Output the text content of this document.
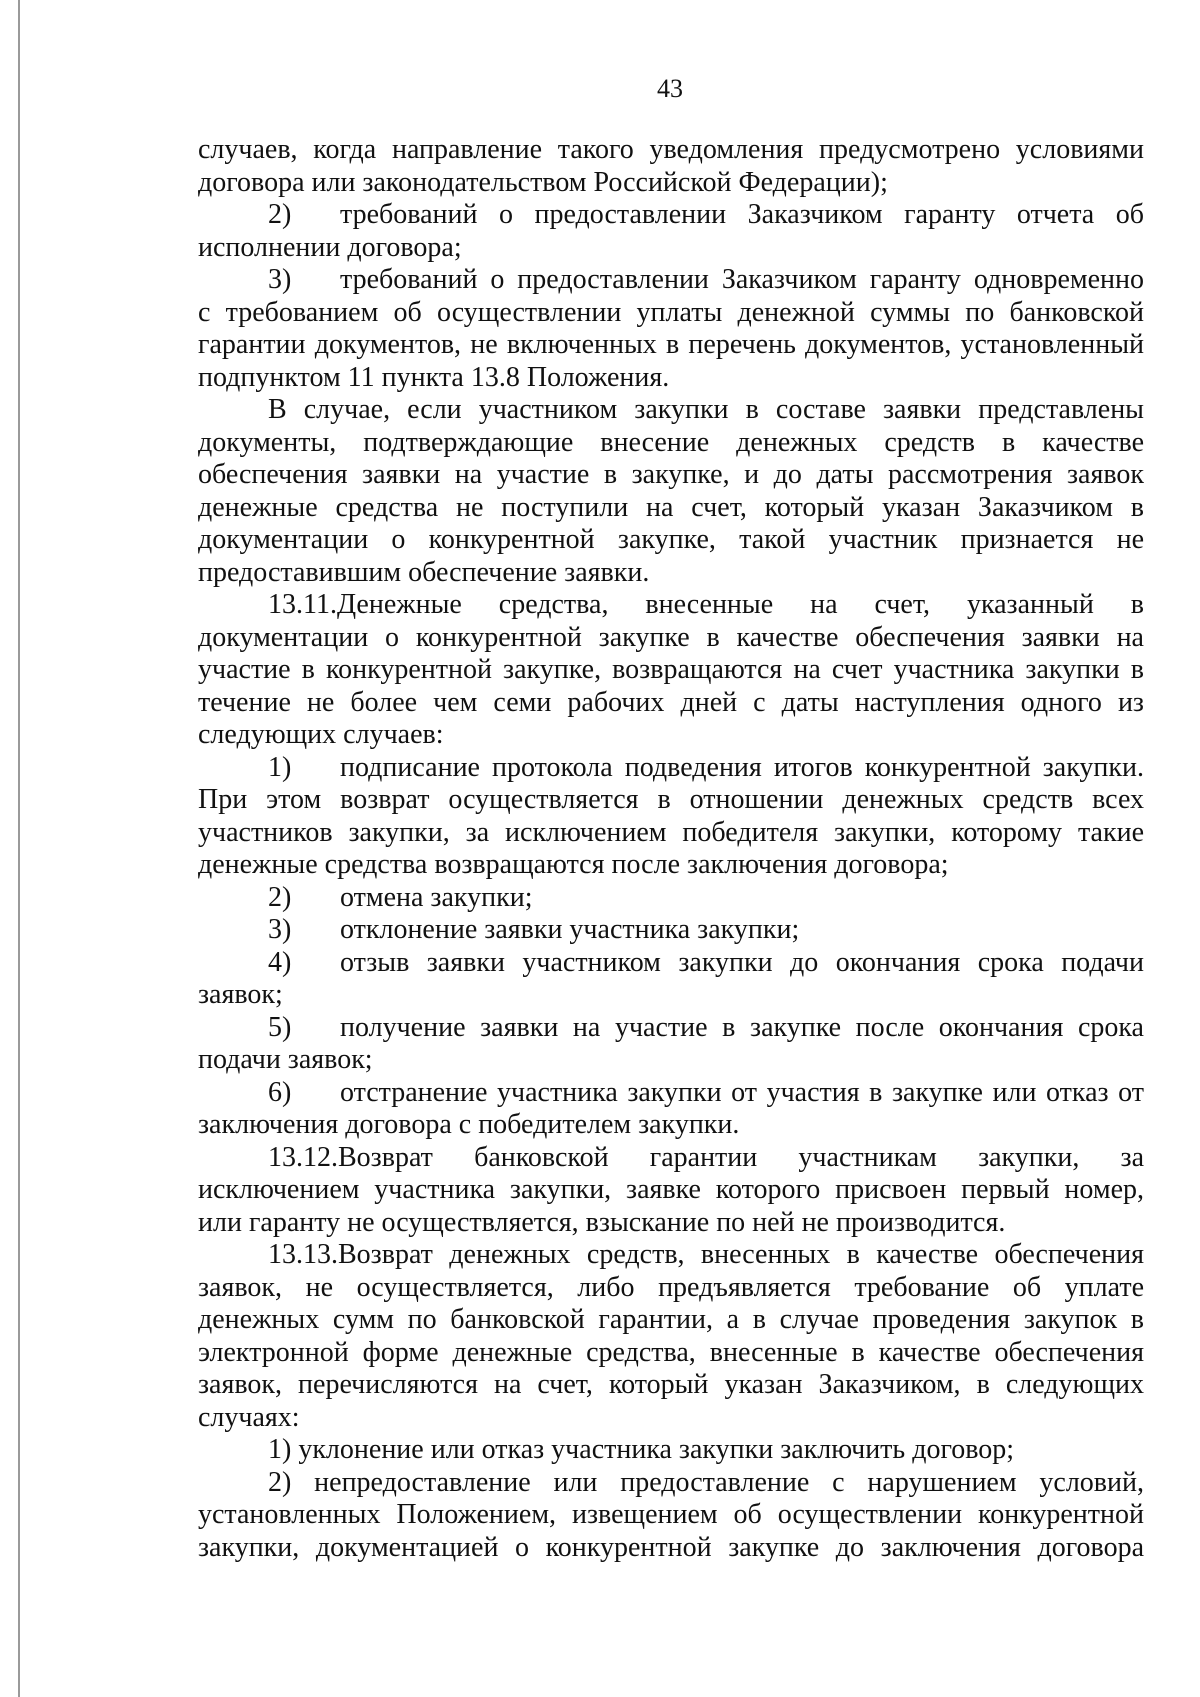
43
случаев, когда направление такого уведомления предусмотрено условиями
договора или законодательством Российской Федерации);
2) требований о предоставлении Заказчиком гаранту отчета об
исполнении договора;
3) требований о предоставлении Заказчиком гаранту одновременно
с требованием об осуществлении уплаты денежной суммы по банковской
гарантии документов, не включенных в перечень документов, установленный
подпунктом 11 пункта 13.8 Положения.
В случае, если участником закупки в составе заявки представлены
документы, подтверждающие внесение денежных средств в качестве
обеспечения заявки на участие в закупке, и до даты рассмотрения заявок
денежные средства не поступили на счет, который указан Заказчиком в
документации о конкурентной закупке, такой участник признается не
предоставившим обеспечение заявки.
13.11.Денежные средства, внесенные на счет, указанный в
документации о конкурентной закупке в качестве обеспечения заявки на
участие в конкурентной закупке, возвращаются на счет участника закупки в
течение не более чем семи рабочих дней с даты наступления одного из
следующих случаев:
1) подписание протокола подведения итогов конкурентной закупки.
При этом возврат осуществляется в отношении денежных средств всех
участников закупки, за исключением победителя закупки, которому такие
денежные средства возвращаются после заключения договора;
2) отмена закупки;
3) отклонение заявки участника закупки;
4) отзыв заявки участником закупки до окончания срока подачи
заявок;
5) получение заявки на участие в закупке после окончания срока
подачи заявок;
6) отстранение участника закупки от участия в закупке или отказ от
заключения договора с победителем закупки.
13.12.Возврат банковской гарантии участникам закупки, за
исключением участника закупки, заявке которого присвоен первый номер,
или гаранту не осуществляется, взыскание по ней не производится.
13.13.Возврат денежных средств, внесенных в качестве обеспечения
заявок, не осуществляется, либо предъявляется требование об уплате
денежных сумм по банковской гарантии, а в случае проведения закупок в
электронной форме денежные средства, внесенные в качестве обеспечения
заявок, перечисляются на счет, который указан Заказчиком, в следующих
случаях:
1) уклонение или отказ участника закупки заключить договор;
2) непредоставление или предоставление с нарушением условий,
установленных Положением, извещением об осуществлении конкурентной
закупки, документацией о конкурентной закупке до заключения договора
